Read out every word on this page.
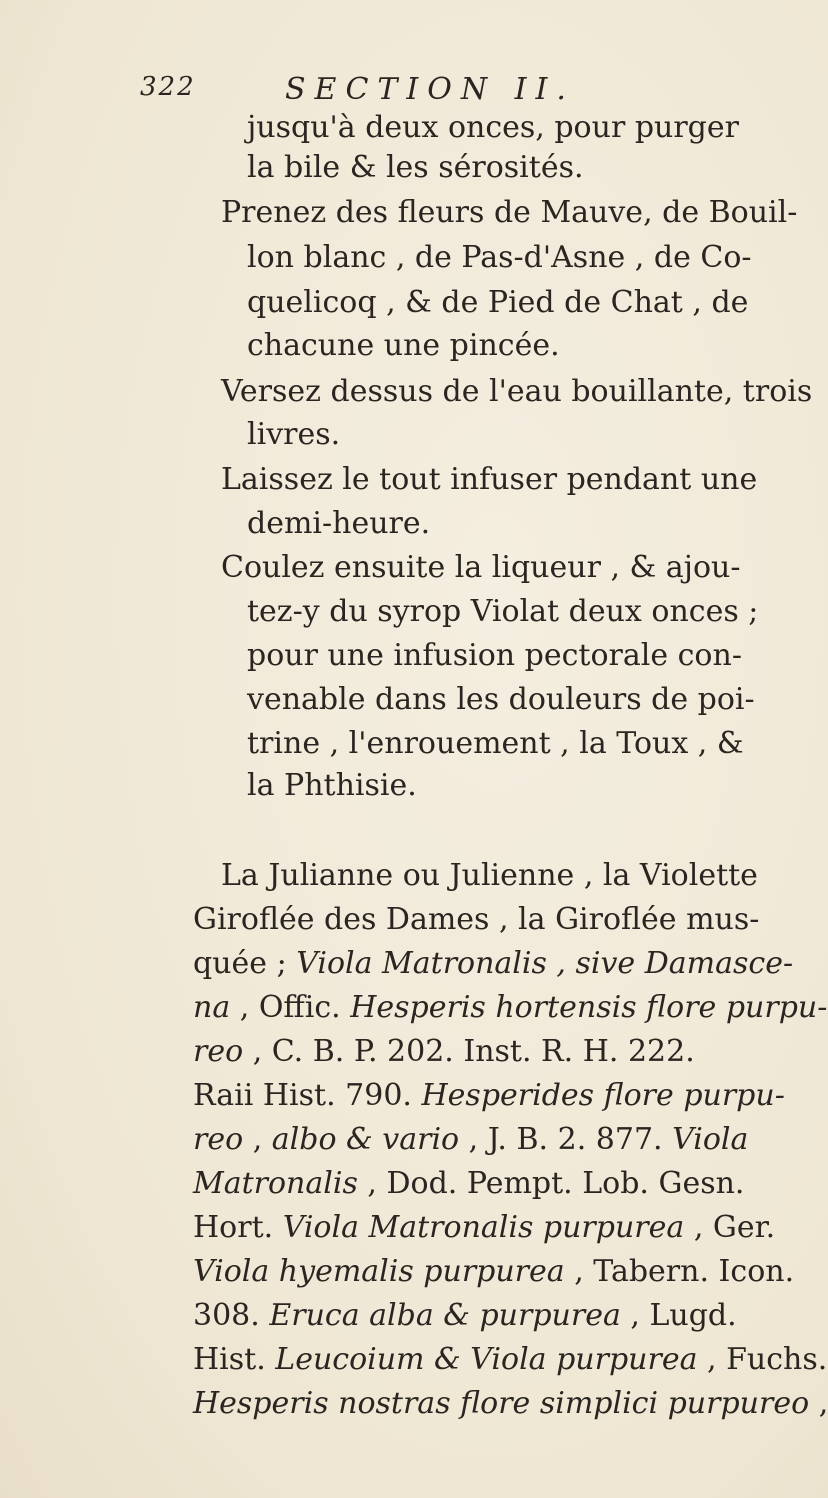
322	SECTION II.
jusqu'à deux onces, pour purger
la bile & les sérosités.
Prenez des fleurs de Mauve, de Bouil-
lon blanc , de Pas-d'Asne , de Co-
quelicoq , & de Pied de Chat , de
chacune une pincée.
Versez dessus de l'eau bouillante, trois
livres.
Laissez le tout infuser pendant une
demi-heure.
Coulez ensuite la liqueur , & ajou-
tez-y du syrop Violat deux onces ;
pour une infusion pectorale con-
venable dans les douleurs de poi-
trine , l'enrouement , la Toux , &
la Phthisie.
La Julianne ou Julienne , la Violette
Giroflée des Dames , la Giroflée mus-
quée ; Viola Matronalis , sive Damasce-
na , Offic. Hesperis hortensis flore purpu-
reo , C. B. P. 202. Inst. R. H. 222.
Raii Hist. 790. Hesperides flore purpu-
reo , albo & vario , J. B. 2. 877. Viola
Matronalis , Dod. Pempt. Lob. Gesn.
Hort. Viola Matronalis purpurea , Ger.
Viola hyemalis purpurea , Tabern. Icon.
308. Eruca alba & purpurea , Lugd.
Hist. Leucoium & Viola purpurea , Fuchs.
Hesperis nostras flore simplici purpureo ,
